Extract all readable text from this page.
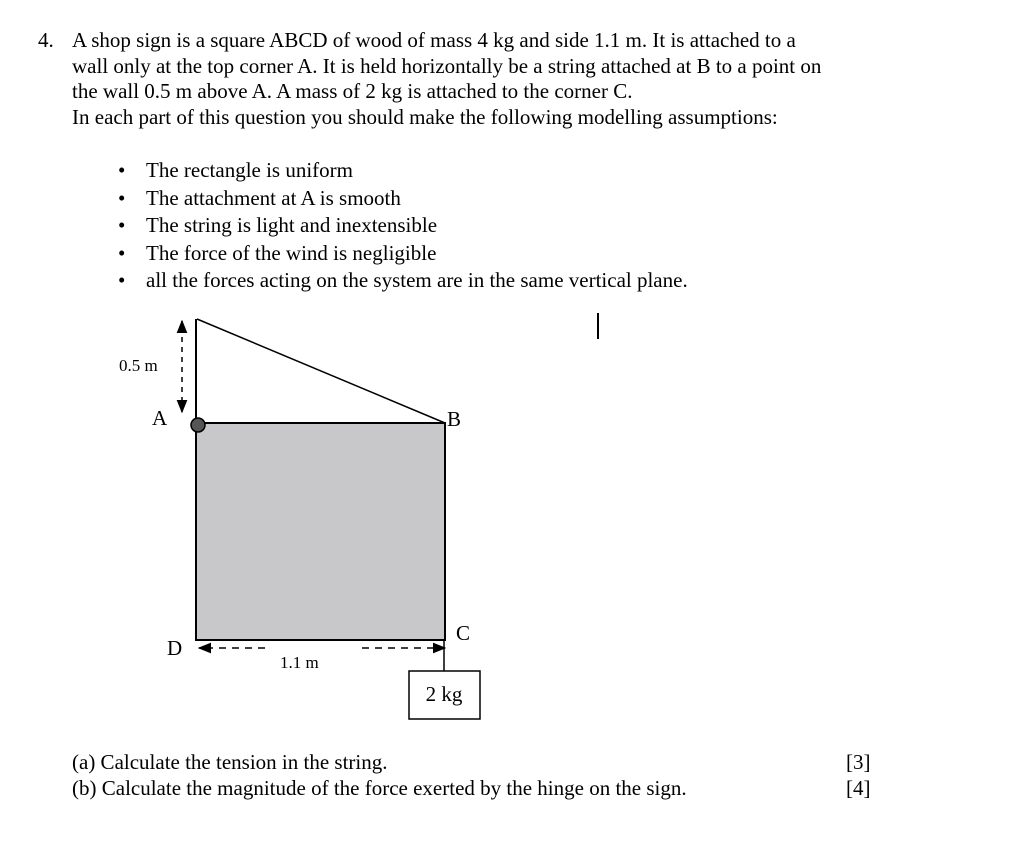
4. A shop sign is a square ABCD of wood of mass 4 kg and side 1.1 m. It is attached to a

wall only at the top corner A. It is held horizontally be a string attached at B to a point on

the wall 0.5 m above A. A mass of 2 kg is attached to the corner C.

In each part of this question you should make the following modelling assumptions:

• The rectangle is uniform
• The attachment at A is smooth
• The string is light and inextensible
• The force of the wind is negligible
• all the forces acting on the system are in the same vertical plane.
0.5 m
A	B
C
D
1.1 m
2 kg
(a) Calculate the tension in the string.	[3]
(b) Calculate the magnitude of the force exerted by the hinge on the sign.	[4]
